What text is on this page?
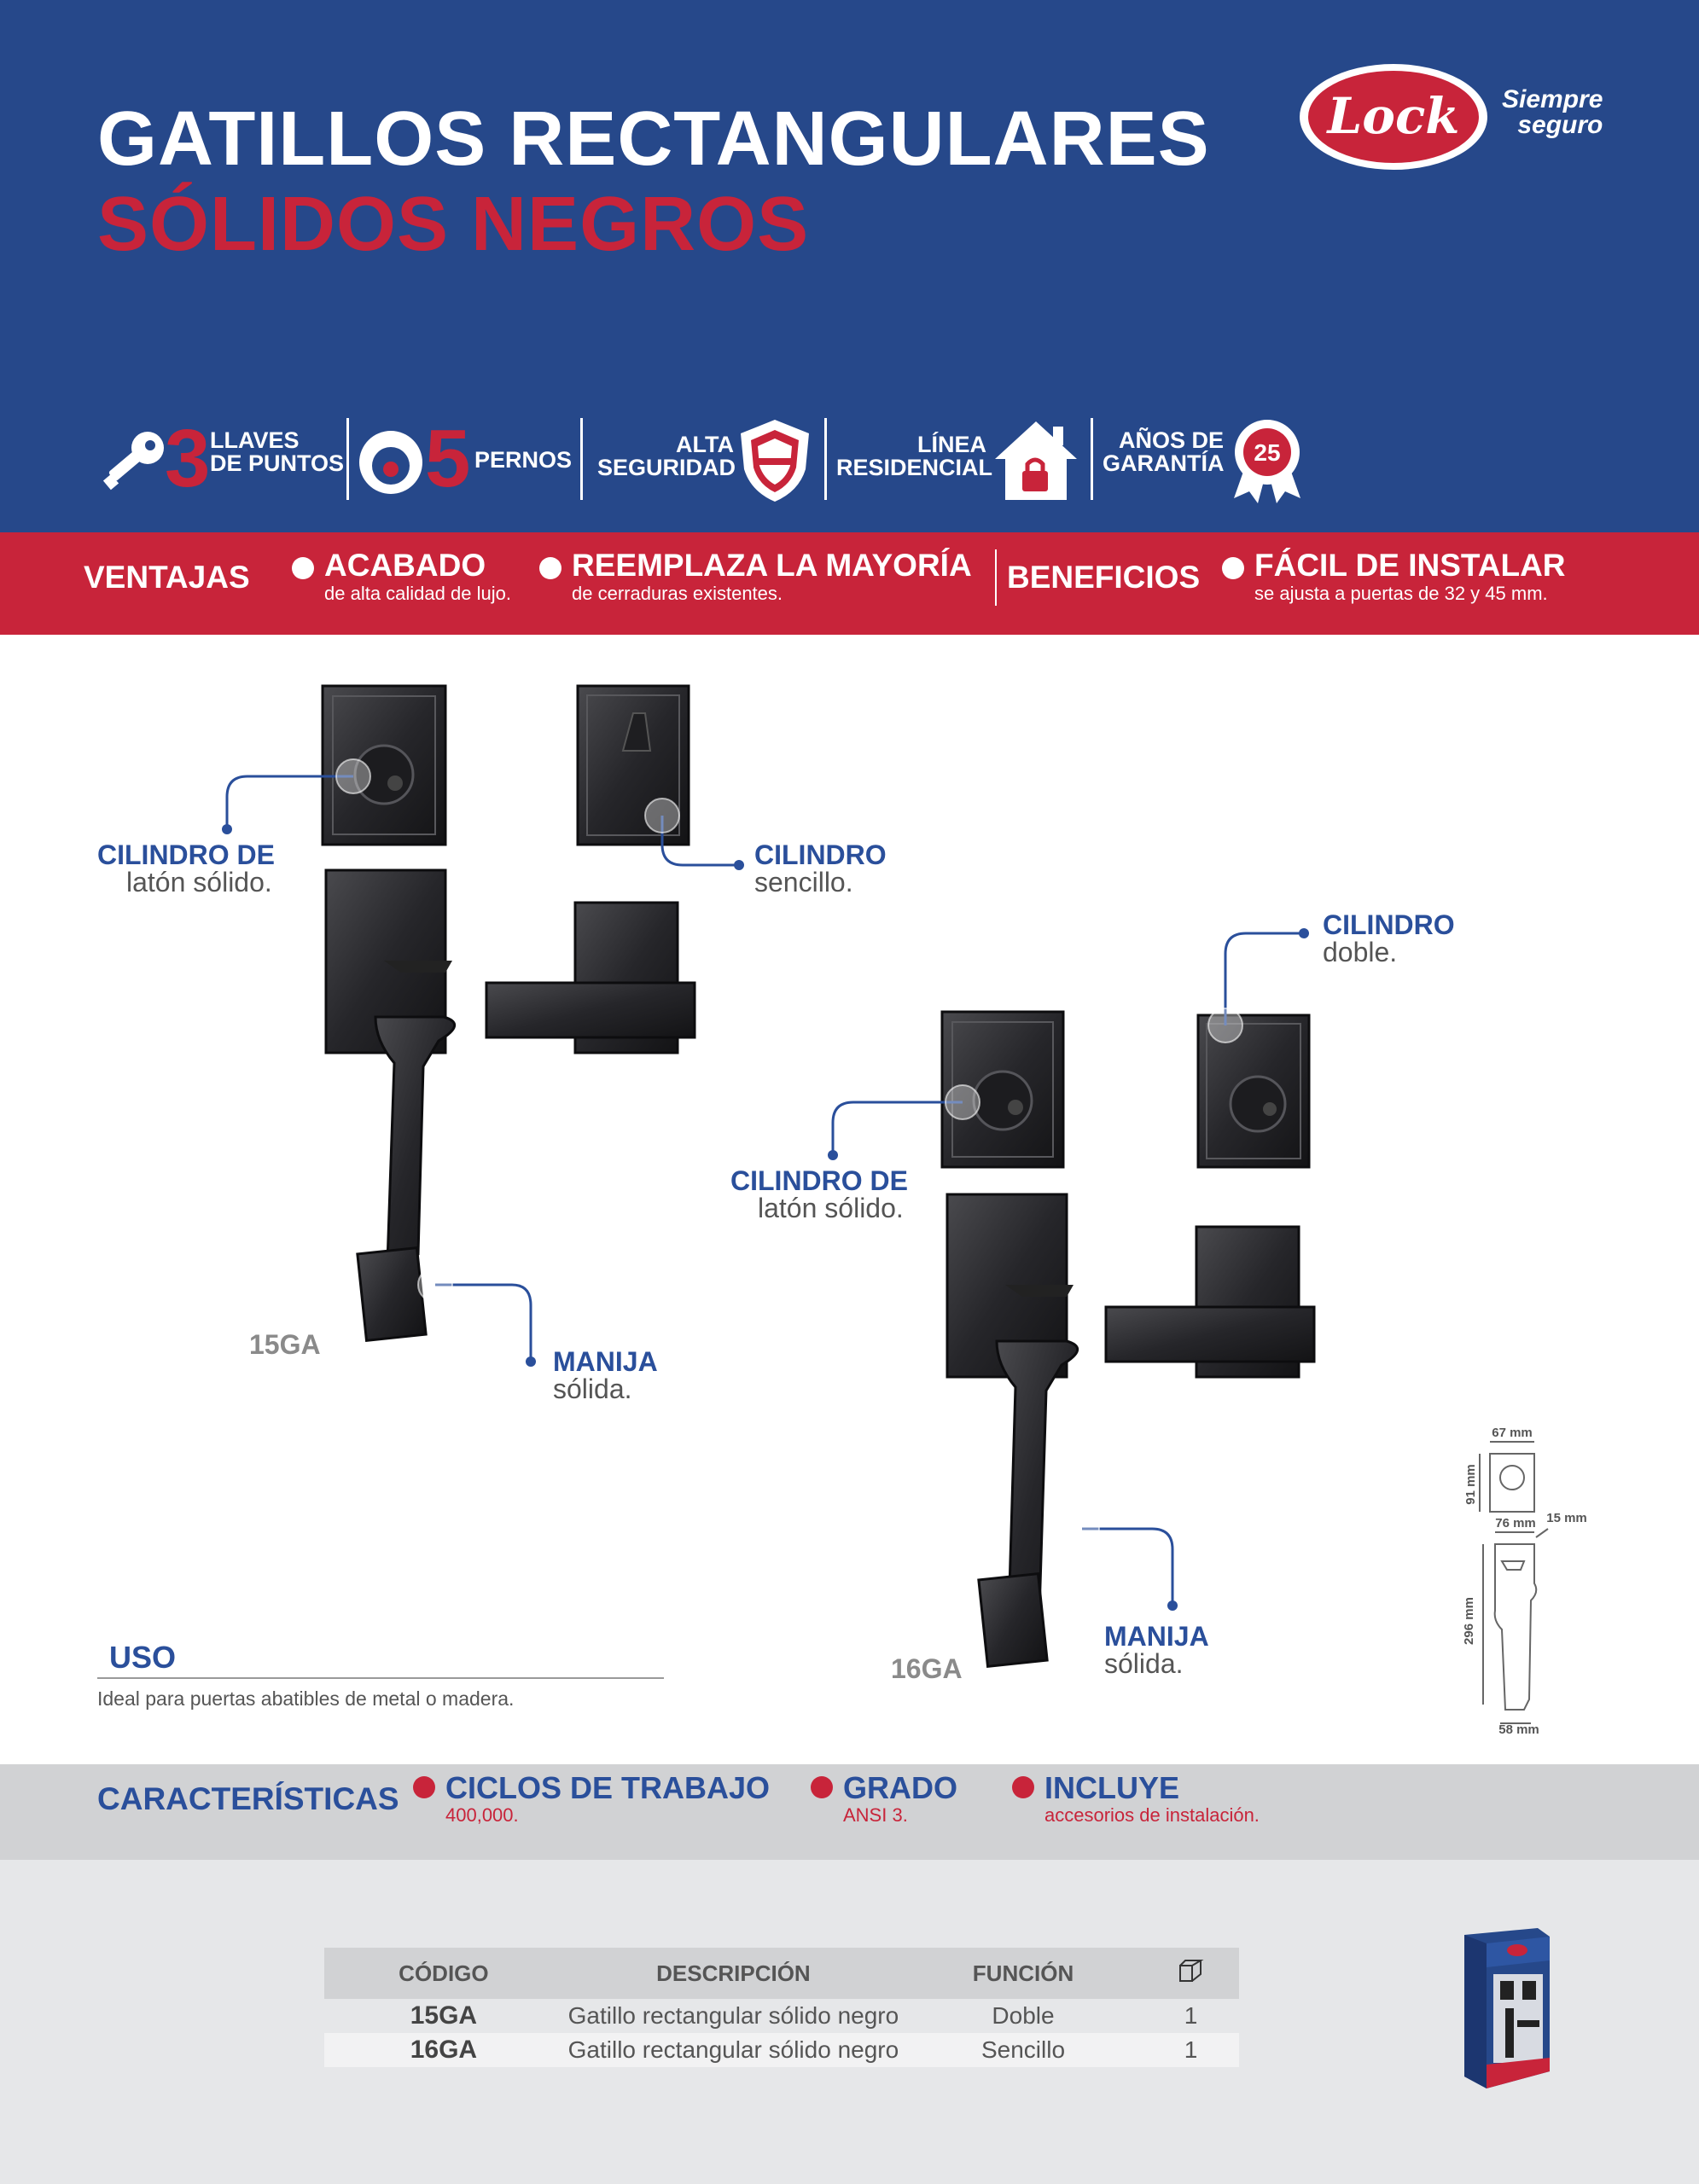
GATILLOS RECTANGULARES
SÓLIDOS NEGROS
Lock Siempre
seguro
3 LLAVES
DE PUNTOS 5 PERNOS
ALTA
SEGURIDAD
LÍNEA
RESIDENCIAL
AÑOS DE
GARANTÍA 25
VENTAJAS ACABADO
de alta calidad de lujo.
REEMPLAZA LA MAYORÍA
de cerraduras existentes.	BENEFICIOS FÁCIL DE INSTALAR
se ajusta a puertas de 32 y 45 mm.
CILINDRO DE
latón sólido.
CILINDRO
sencillo.
MANIJA
sólida.
CILINDRO
doble.
CILINDRO DE
latón sólido.
MANIJA
sólida.
15GA
16GA
USO
Ideal para puertas abatibles de metal o madera.
67 mm
91 mm
76 mm 15 mm
296 mm
58 mm
CARACTERÍSTICAS CICLOS DE TRABAJO
400,000.
GRADO
ANSI 3.
INCLUYE
accesorios de instalación.
CÓDIGO	DESCRIPCIÓN	FUNCIÓN	
15GA	Gatillo rectangular sólido negro	Doble	1
16GA	Gatillo rectangular sólido negro	Sencillo	1
